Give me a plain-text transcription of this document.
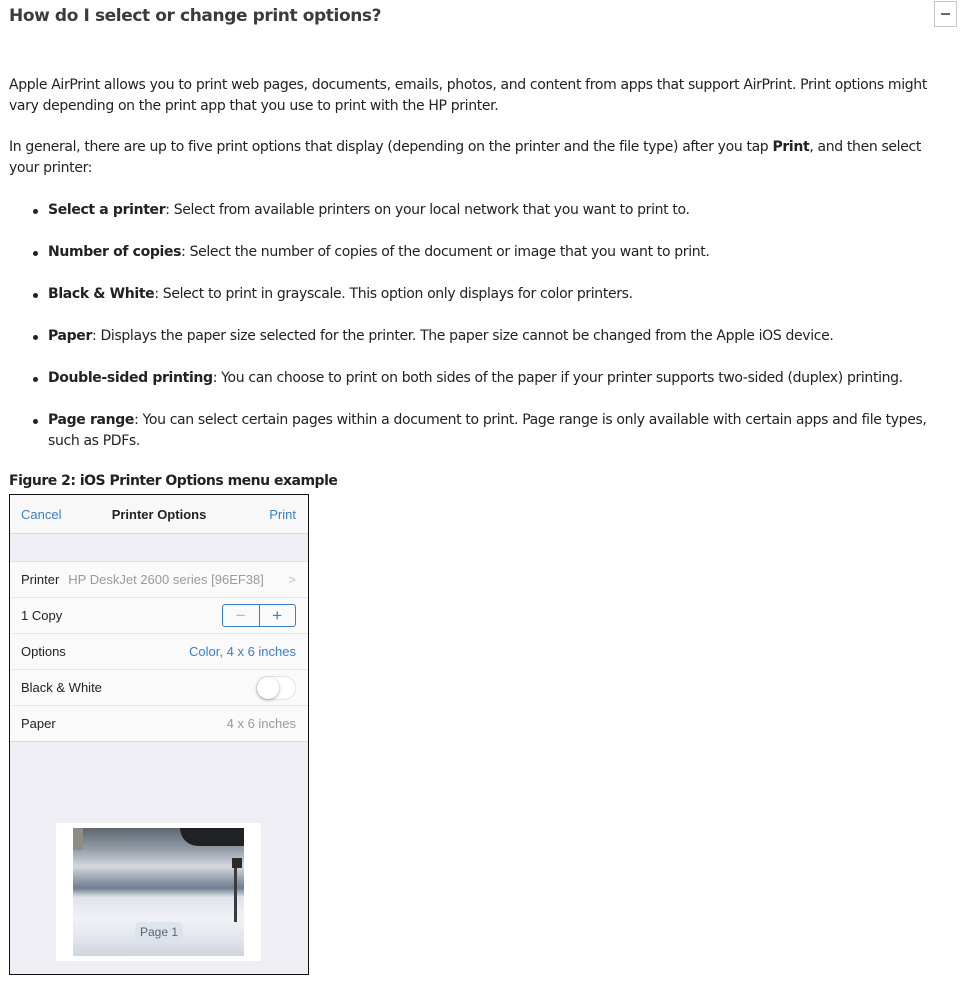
How do I select or change print options?

Apple AirPrint allows you to print web pages, documents, emails, photos, and content from apps that support AirPrint. Print options might vary depending on the print app that you use to print with the HP printer.

In general, there are up to five print options that display (depending on the printer and the file type) after you tap Print, and then select your printer:

Select a printer: Select from available printers on your local network that you want to print to.
Number of copies: Select the number of copies of the document or image that you want to print.
Black & White: Select to print in grayscale. This option only displays for color printers.
Paper: Displays the paper size selected for the printer. The paper size cannot be changed from the Apple iOS device.
Double-sided printing: You can choose to print on both sides of the paper if your printer supports two-sided (duplex) printing.
Page range: You can select certain pages within a document to print. Page range is only available with certain apps and file types, such as PDFs.

Figure 2: iOS Printer Options menu example

Cancel	Printer Options	Print
Printer HP DeskJet 2600 series [96EF38] >
1 Copy	−	+
Options	Color, 4 x 6 inches
Black & White
Paper	4 x 6 inches
Page 1
